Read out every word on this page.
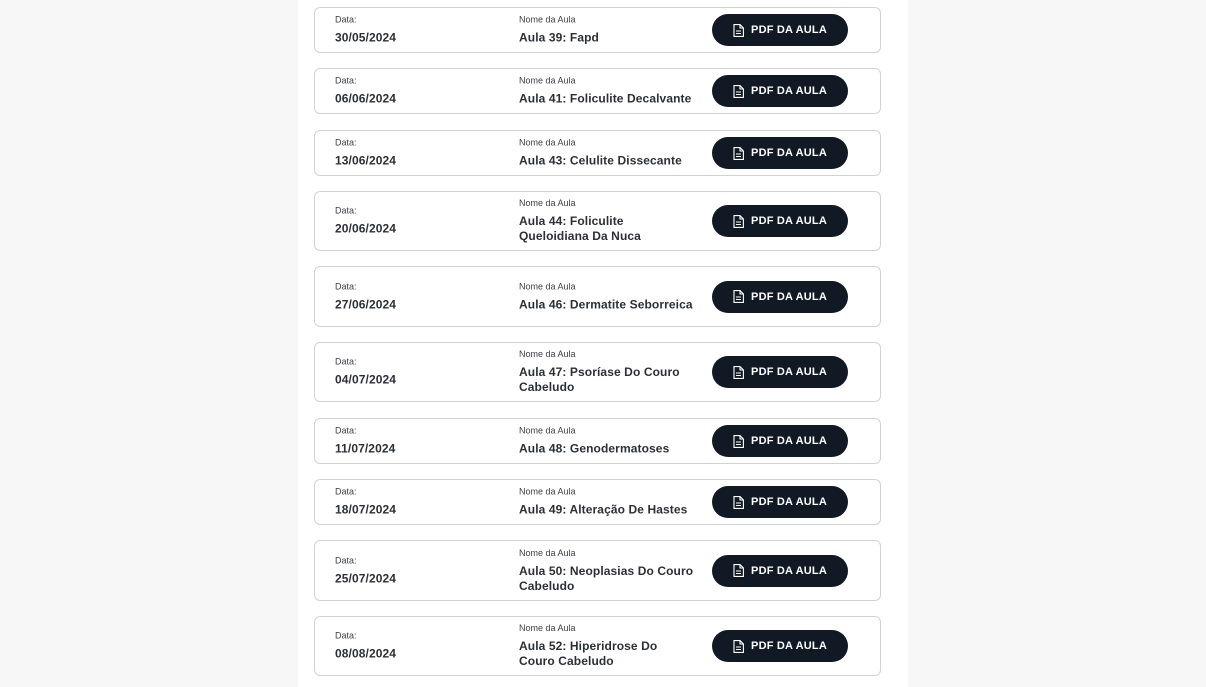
Data:
30/05/2024
Nome da Aula
Aula 39: Fapd
PDF DA AULA
Data:
06/06/2024
Nome da Aula
Aula 41: Foliculite Decalvante
PDF DA AULA
Data:
13/06/2024
Nome da Aula
Aula 43: Celulite Dissecante
PDF DA AULA
Data:
20/06/2024
Nome da Aula
Aula 44: Foliculite Queloidiana Da Nuca
PDF DA AULA
Data:
27/06/2024
Nome da Aula
Aula 46: Dermatite Seborreica
PDF DA AULA
Data:
04/07/2024
Nome da Aula
Aula 47: Psoríase Do Couro Cabeludo
PDF DA AULA
Data:
11/07/2024
Nome da Aula
Aula 48: Genodermatoses
PDF DA AULA
Data:
18/07/2024
Nome da Aula
Aula 49: Alteração De Hastes
PDF DA AULA
Data:
25/07/2024
Nome da Aula
Aula 50: Neoplasias Do Couro Cabeludo
PDF DA AULA
Data:
08/08/2024
Nome da Aula
Aula 52: Hiperidrose Do Couro Cabeludo
PDF DA AULA
